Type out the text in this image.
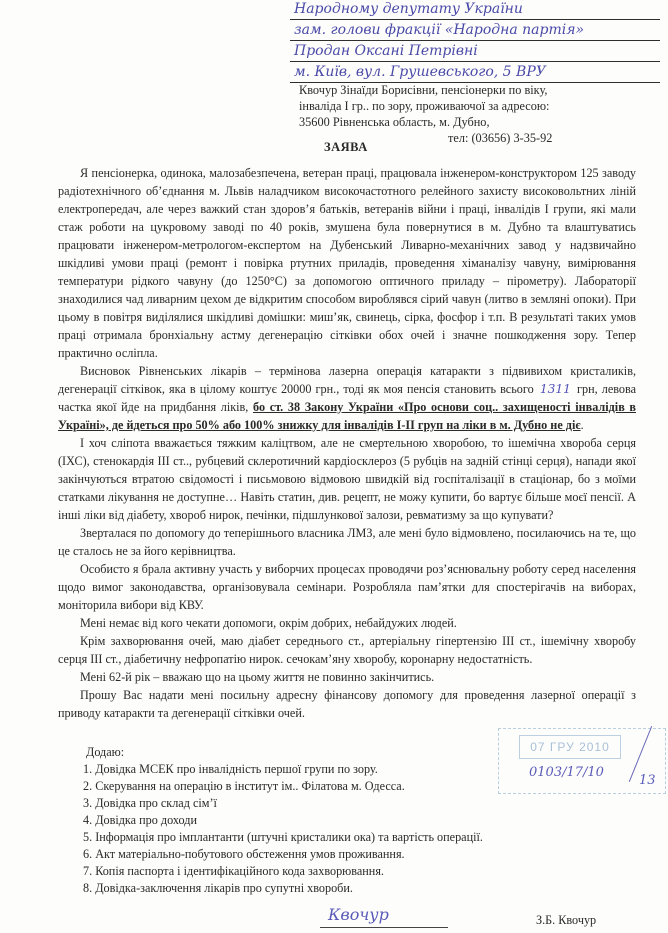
Народному депутату України
зам. голови фракції «Народна партія»
Продан Оксані Петрівні
м. Київ, вул. Грушевського, 5 ВРУ
Квочур Зінаїди Борисівни, пенсіонерки по віку,
інваліда І гр.. по зору, проживаючої за адресою:
35600 Рівненська область, м. Дубно,
тел: (03656) 3-35-92
ЗАЯВА

Я пенсіонерка, одинока, малозабезпечена, ветеран праці, працювала інженером-конструктором 125 заводу радіотехнічного об’єднання м. Львів наладчиком високочастотного релейного захисту високовольтних ліній електропередач, але через важкий стан здоров’я батьків, ветеранів війни і праці, інвалідів І групи, які мали стаж роботи на цукровому заводі по 40 років, змушена була повернутися в м. Дубно та влаштуватись працювати інженером-метрологом-експертом на Дубенський Ливарно-механічних завод у надзвичайно шкідливі умови праці (ремонт і повірка ртутних приладів, проведення хіманалізу чавуну, вимірювання температури рідкого чавуну (до 1250°С) за допомогою оптичного приладу – пірометру). Лабораторії знаходилися чад ливарним цехом де відкритим способом вироблявся сірий чавун (литво в земляні опоки). При цьому в повітря виділялися шкідливі домішки: миш’як, свинець, сірка, фосфор і т.п. В результаті таких умов праці отримала бронхіальну астму дегенерацію сітківки обох очей і значне пошкодження зору. Тепер практично осліпла.

Висновок Рівненських лікарів – термінова лазерна операція катаракти з підвивихом кристаликів, дегенерації сітківок, яка в цілому коштує 20000 грн., тоді як моя пенсія становить всього 1311 грн, левова частка якої йде на придбання ліків, бо ст. 38 Закону України «Про основи соц.. захищеності інвалідів в Україні», де йдеться про 50% або 100% знижку для інвалідів І-ІІ груп на ліки в м. Дубно не діє.

І хоч сліпота вважається тяжким каліцтвом, але не смертельною хворобою, то ішемічна хвороба серця (ІХС), стенокардія ІІІ ст.., рубцевий склеротичний кардіосклероз (5 рубців на задній стінці серця), напади якої закінчуються втратою свідомості і письмовою відмовою швидкій від госпіталізації в стаціонар, бо з моїми статками лікування не доступне… Навіть статин, див. рецепт, не можу купити, бо вартує більше моєї пенсії. А інші ліки від діабету, хвороб нирок, печінки, підшлункової залози, ревматизму за що купувати?

Зверталася по допомогу до теперішнього власника ЛМЗ, але мені було відмовлено, посилаючись на те, що це сталось не за його керівництва.

Особисто я брала активну участь у виборчих процесах проводячи роз’яснювальну роботу серед населення щодо вимог законодавства, організовувала семінари. Розробляла пам’ятки для спостерігачів на виборах, моніторила вибори від КВУ.

Мені немає від кого чекати допомоги, окрім добрих, небайдужих людей.

Крім захворювання очей, маю діабет середнього ст., артеріальну гіпертензію ІІІ ст., ішемічну хворобу серця ІІІ ст., діабетичну нефропатію нирок. сечокам’яну хворобу, коронарну недостатність.

Мені 62-й рік – вважаю що на цьому життя не повинно закінчитись.

Прошу Вас надати мені посильну адресну фінансову допомогу для проведення лазерної операції з приводу катаракти та дегенерації сітківки очей.

Додаю:
1. Довідка МСЕК про інвалідність першої групи по зору.
2. Скерування на операцію в інститут ім.. Філатова м. Одесса.
3. Довідка про склад сім’ї
4. Довідка про доходи
5. Інформація про імплантанти (штучні кристалики ока) та вартість операції.
6. Акт матеріально-побутового обстеження умов проживання.
7. Копія паспорта і ідентифікаційного кода захворювання.
8. Довідка-заключення лікарів про супутні хвороби.
Квочур	З.Б. Квочур
07 ГРУ 2010
0103/17/10
13
